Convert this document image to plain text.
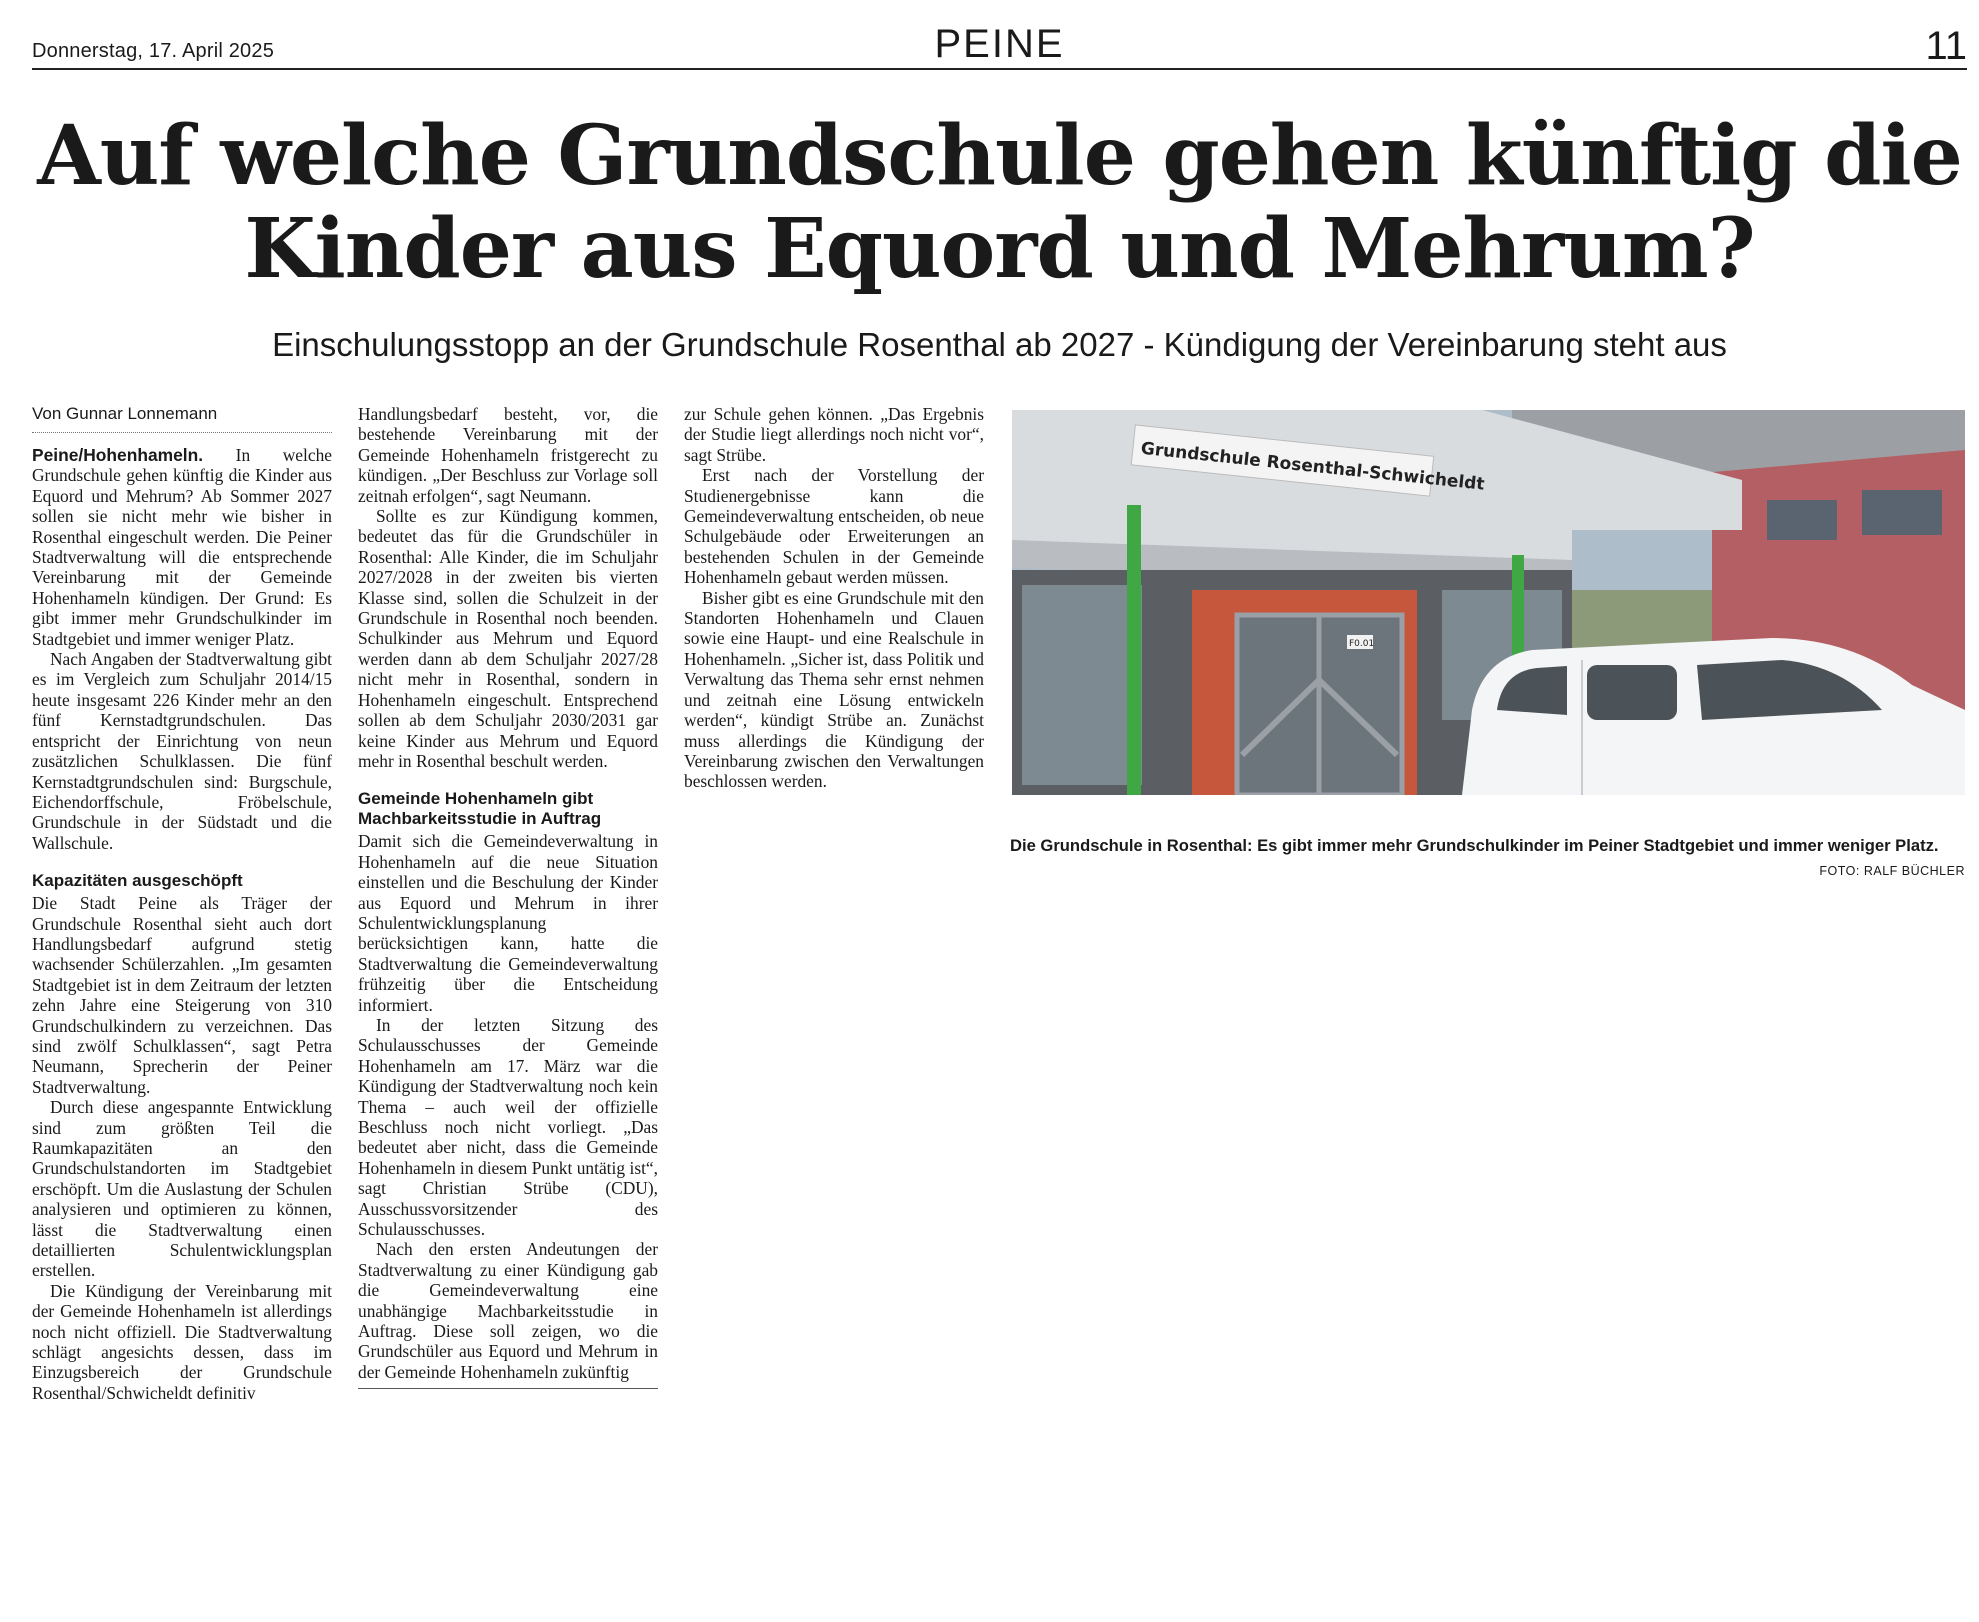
Donnerstag, 17. April 2025	PEINE	11
Auf welche Grundschule gehen künftig die
Kinder aus Equord und Mehrum?

Einschulungsstopp an der Grundschule Rosenthal ab 2027 - Kündigung der Vereinbarung steht aus

Von Gunnar Lonnemann

Peine/Hohenhameln. In welche Grundschule gehen künftig die Kinder aus Equord und Mehrum? Ab Sommer 2027 sollen sie nicht mehr wie bisher in Rosenthal eingeschult werden. Die Peiner Stadtverwaltung will die entsprechende Vereinbarung mit der Gemeinde Hohenhameln kündigen. Der Grund: Es gibt immer mehr Grundschulkinder im Stadtgebiet und immer weniger Platz.

Nach Angaben der Stadtverwaltung gibt es im Vergleich zum Schuljahr 2014/15 heute insgesamt 226 Kinder mehr an den fünf Kernstadtgrundschulen. Das entspricht der Einrichtung von neun zusätzlichen Schulklassen. Die fünf Kernstadtgrundschulen sind: Burgschule, Eichendorffschule, Fröbelschule, Grundschule in der Südstadt und die Wallschule.

Kapazitäten ausgeschöpft

Die Stadt Peine als Träger der Grundschule Rosenthal sieht auch dort Handlungsbedarf aufgrund stetig wachsender Schülerzahlen. „Im gesamten Stadtgebiet ist in dem Zeitraum der letzten zehn Jahre eine Steigerung von 310 Grundschulkindern zu verzeichnen. Das sind zwölf Schulklassen“, sagt Petra Neumann, Sprecherin der Peiner Stadtverwaltung.

Durch diese angespannte Entwicklung sind zum größten Teil die Raumkapazitäten an den Grundschulstandorten im Stadtgebiet erschöpft. Um die Auslastung der Schulen analysieren und optimieren zu können, lässt die Stadtverwaltung einen detaillierten Schulentwicklungsplan erstellen.

Die Kündigung der Vereinbarung mit der Gemeinde Hohenhameln ist allerdings noch nicht offiziell. Die Stadtverwaltung schlägt angesichts dessen, dass im Einzugsbereich der Grundschule Rosenthal/Schwicheldt definitiv

Handlungsbedarf besteht, vor, die bestehende Vereinbarung mit der Gemeinde Hohenhameln fristgerecht zu kündigen. „Der Beschluss zur Vorlage soll zeitnah erfolgen“, sagt Neumann.

Sollte es zur Kündigung kommen, bedeutet das für die Grundschüler in Rosenthal: Alle Kinder, die im Schuljahr 2027/2028 in der zweiten bis vierten Klasse sind, sollen die Schulzeit in der Grundschule in Rosenthal noch beenden. Schulkinder aus Mehrum und Equord werden dann ab dem Schuljahr 2027/28 nicht mehr in Rosenthal, sondern in Hohenhameln eingeschult. Entsprechend sollen ab dem Schuljahr 2030/2031 gar keine Kinder aus Mehrum und Equord mehr in Rosenthal beschult werden.

Gemeinde Hohenhameln gibt Machbarkeitsstudie in Auftrag

Damit sich die Gemeindeverwaltung in Hohenhameln auf die neue Situation einstellen und die Beschulung der Kinder aus Equord und Mehrum in ihrer Schulentwicklungsplanung berücksichtigen kann, hatte die Stadtverwaltung die Gemeindeverwaltung frühzeitig über die Entscheidung informiert.

In der letzten Sitzung des Schulausschusses der Gemeinde Hohenhameln am 17. März war die Kündigung der Stadtverwaltung noch kein Thema – auch weil der offizielle Beschluss noch nicht vorliegt. „Das bedeutet aber nicht, dass die Gemeinde Hohenhameln in diesem Punkt untätig ist“, sagt Christian Strübe (CDU), Ausschussvorsitzender des Schulausschusses.

Nach den ersten Andeutungen der Stadtverwaltung zu einer Kündigung gab die Gemeindeverwaltung eine unabhängige Machbarkeitsstudie in Auftrag. Diese soll zeigen, wo die Grundschüler aus Equord und Mehrum in der Gemeinde Hohenhameln zukünftig

zur Schule gehen können. „Das Ergebnis der Studie liegt allerdings noch nicht vor“, sagt Strübe.

Erst nach der Vorstellung der Studienergebnisse kann die Gemeindeverwaltung entscheiden, ob neue Schulgebäude oder Erweiterungen an bestehenden Schulen in der Gemeinde Hohenhameln gebaut werden müssen.

Bisher gibt es eine Grundschule mit den Standorten Hohenhameln und Clauen sowie eine Haupt- und eine Realschule in Hohenhameln. „Sicher ist, dass Politik und Verwaltung das Thema sehr ernst nehmen und zeitnah eine Lösung entwickeln werden“, kündigt Strübe an. Zunächst muss allerdings die Kündigung der Vereinbarung zwischen den Verwaltungen beschlossen werden.

Grundschule Rosenthal-Schwicheldt
F0.01

Die Grundschule in Rosenthal: Es gibt immer mehr Grundschulkinder im Peiner Stadtgebiet und immer weniger Platz.

FOTO: RALF BÜCHLER
